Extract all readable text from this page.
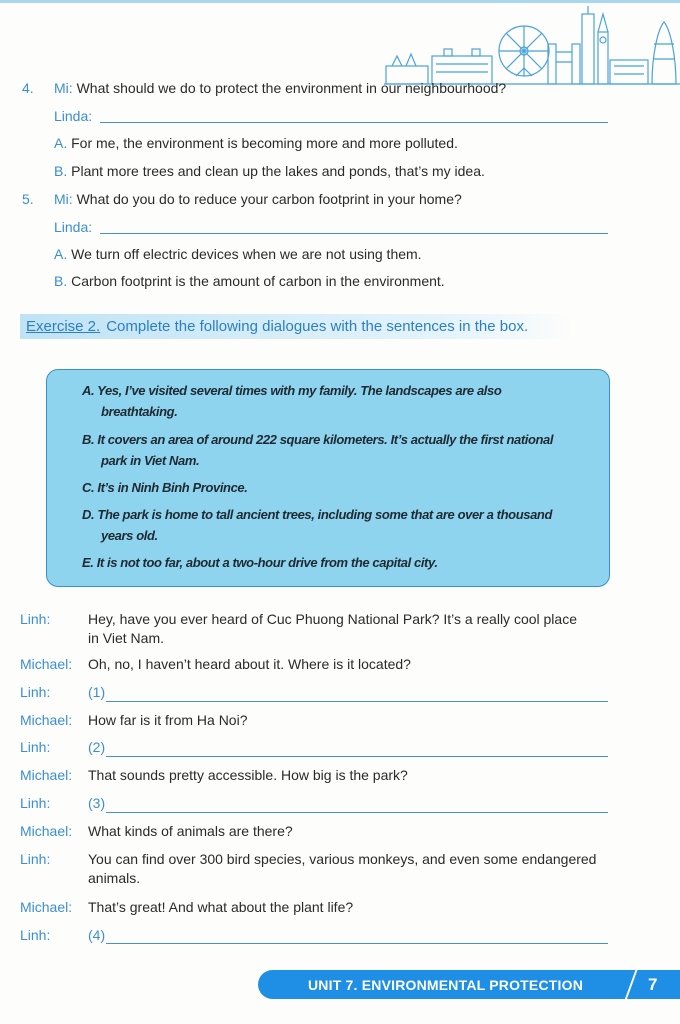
4. Mi: What should we do to protect the environment in our neighbourhood?
Linda:
A. For me, the environment is becoming more and more polluted.
B. Plant more trees and clean up the lakes and ponds, that’s my idea.
5. Mi: What do you do to reduce your carbon footprint in your home?
Linda:
A. We turn off electric devices when we are not using them.
B. Carbon footprint is the amount of carbon in the environment.
Exercise 2. Complete the following dialogues with the sentences in the box.
A. Yes, I’ve visited several times with my family. The landscapes are also
breathtaking.
B. It covers an area of around 222 square kilometers. It’s actually the first national
park in Viet Nam.
C. It’s in Ninh Binh Province.
D. The park is home to tall ancient trees, including some that are over a thousand
years old.
E. It is not too far, about a two-hour drive from the capital city.
Linh:	Hey, have you ever heard of Cuc Phuong National Park? It’s a really cool place
in Viet Nam.
Michael: Oh, no, I haven’t heard about it. Where is it located?
Linh:	(1)
Michael: How far is it from Ha Noi?
Linh:	(2)
Michael: That sounds pretty accessible. How big is the park?
Linh:	(3)
Michael: What kinds of animals are there?
Linh:	You can find over 300 bird species, various monkeys, and even some endangered
animals.
Michael: That’s great! And what about the plant life?
Linh:	(4)
UNIT 7. ENVIRONMENTAL PROTECTION	7
